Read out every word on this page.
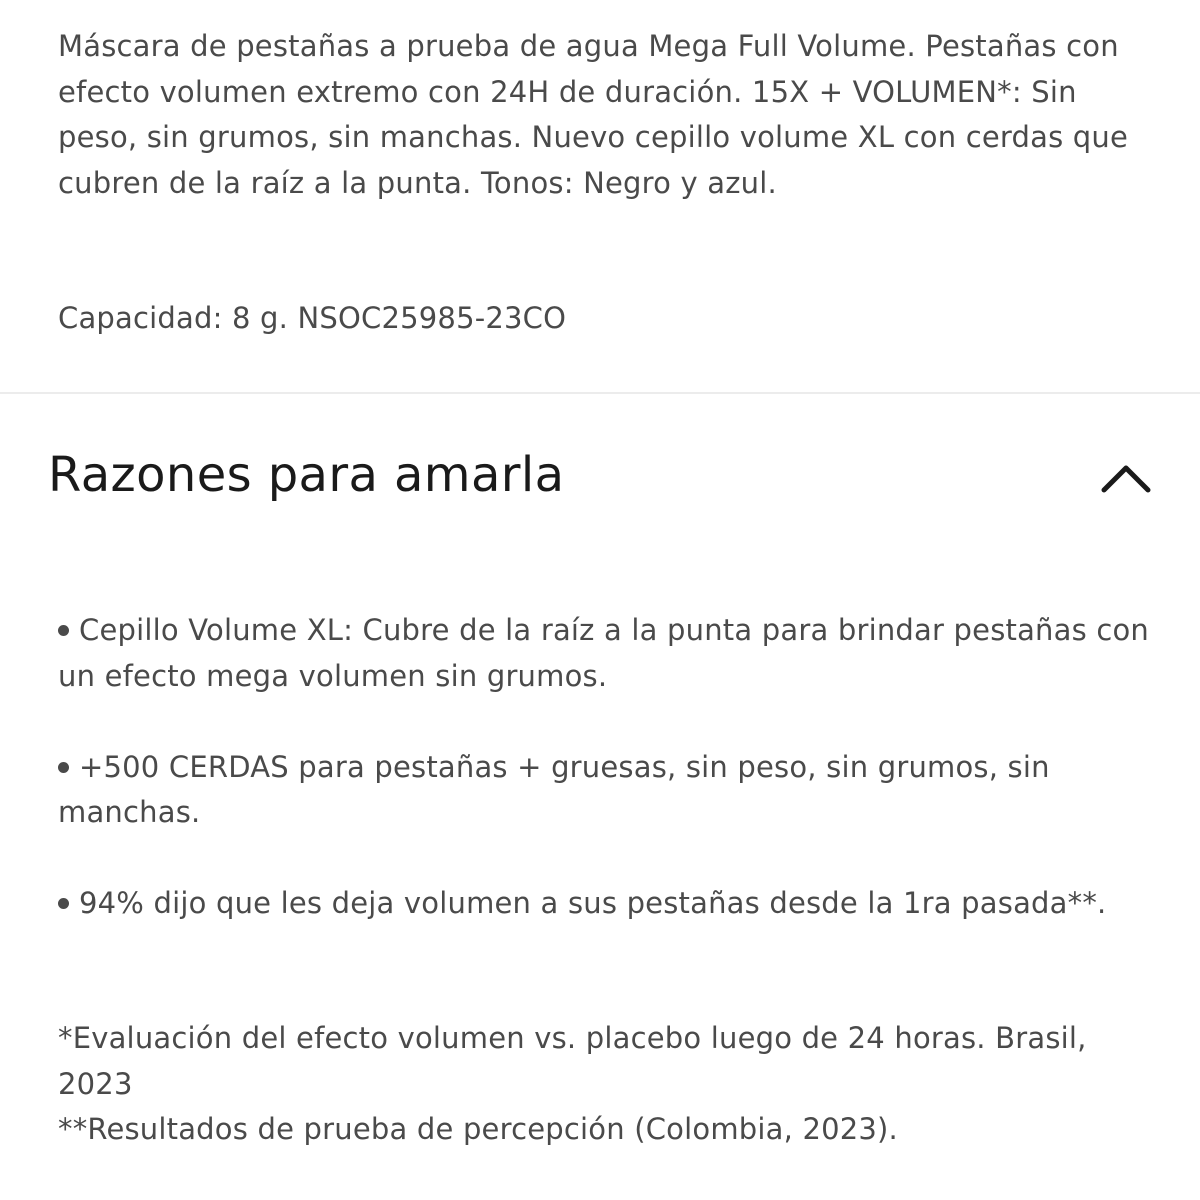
Máscara de pestañas a prueba de agua Mega Full Volume. Pestañas con efecto volumen extremo con 24H de duración. 15X + VOLUMEN*: Sin peso, sin grumos, sin manchas. Nuevo cepillo volume XL con cerdas que cubren de la raíz a la punta. Tonos: Negro y azul.

Capacidad: 8 g. NSOC25985-23CO
Razones para amarla

Cepillo Volume XL: Cubre de la raíz a la punta para brindar pestañas con un efecto mega volumen sin grumos.

+500 CERDAS para pestañas + gruesas, sin peso, sin grumos, sin manchas.

94% dijo que les deja volumen a sus pestañas desde la 1ra pasada**.

*Evaluación del efecto volumen vs. placebo luego de 24 horas. Brasil, 2023

**Resultados de prueba de percepción (Colombia, 2023).
